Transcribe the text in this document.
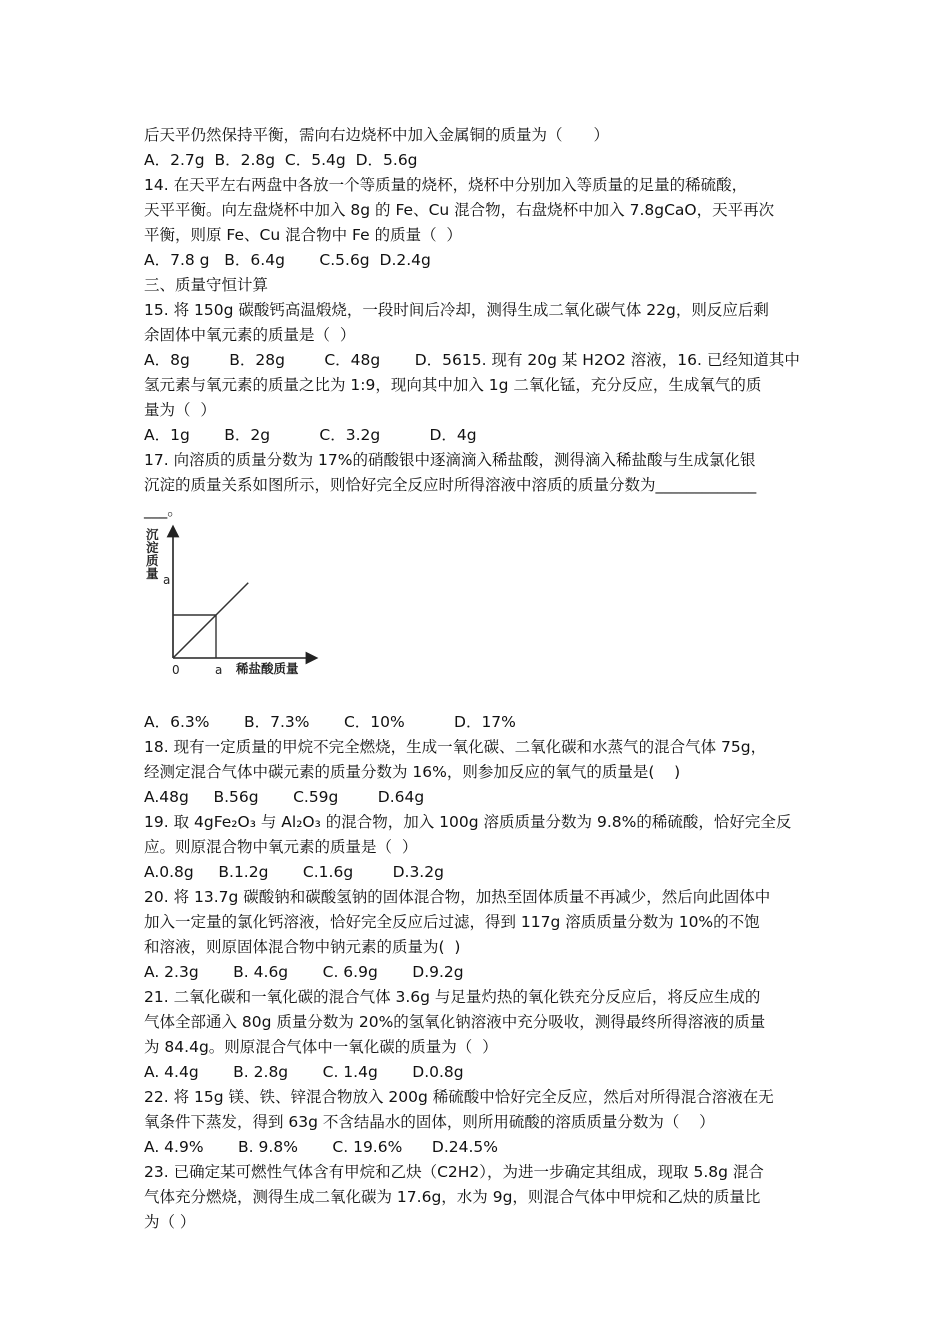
后天平仍然保持平衡，需向右边烧杯中加入金属铜的质量为（　　）
A．2.7g  B．2.8g  C．5.4g  D．5.6g
14. 在天平左右两盘中各放一个等质量的烧杯，烧杯中分别加入等质量的足量的稀硫酸，
天平平衡。向左盘烧杯中加入 8g 的 Fe、Cu 混合物，右盘烧杯中加入 7.8gCaO，天平再次
平衡，则原 Fe、Cu 混合物中 Fe 的质量（  ）
A．7.8 g   B．6.4g       C.5.6g  D.2.4g
三、质量守恒计算
15. 将 150g 碳酸钙高温煅烧，一段时间后冷却，测得生成二氧化碳气体 22g，则反应后剩
余固体中氧元素的质量是（  ）
A．8g        B．28g        C．48g       D．5615. 现有 20g 某 H2O2 溶液，16. 已经知道其中
氢元素与氧元素的质量之比为 1:9，现向其中加入 1g 二氧化锰，充分反应，生成氧气的质
量为（  ）
A．1g       B．2g          C．3.2g          D．4g
17. 向溶质的质量分数为 17%的硝酸银中逐滴滴入稀盐酸，测得滴入稀盐酸与生成氯化银
沉淀的质量关系如图所示，则恰好完全反应时所得溶液中溶质的质量分数为_____________
___。
沉
淀
质
量
稀盐酸质量
0	a
a
A．6.3%       B．7.3%       C．10%          D．17%
18. 现有一定质量的甲烷不完全燃烧，生成一氧化碳、二氧化碳和水蒸气的混合气体 75g，
经测定混合气体中碳元素的质量分数为 16%，则参加反应的氧气的质量是(    )
A.48g     B.56g       C.59g        D.64g
19. 取 4gFe₂O₃ 与 Al₂O₃ 的混合物，加入 100g 溶质质量分数为 9.8%的稀硫酸，恰好完全反
应。则原混合物中氧元素的质量是（  ）
A.0.8g     B.1.2g       C.1.6g        D.3.2g
20. 将 13.7g 碳酸钠和碳酸氢钠的固体混合物，加热至固体质量不再减少，然后向此固体中
加入一定量的氯化钙溶液，恰好完全反应后过滤，得到 117g 溶质质量分数为 10%的不饱
和溶液，则原固体混合物中钠元素的质量为(  )
A. 2.3g       B. 4.6g       C. 6.9g       D.9.2g
21. 二氧化碳和一氧化碳的混合气体 3.6g 与足量灼热的氧化铁充分反应后，将反应生成的
气体全部通入 80g 质量分数为 20%的氢氧化钠溶液中充分吸收，测得最终所得溶液的质量
为 84.4g。则原混合气体中一氧化碳的质量为（  ）
A. 4.4g       B. 2.8g       C. 1.4g       D.0.8g
22. 将 15g 镁、铁、锌混合物放入 200g 稀硫酸中恰好完全反应，然后对所得混合溶液在无
氧条件下蒸发，得到 63g 不含结晶水的固体，则所用硫酸的溶质质量分数为（    ）
A. 4.9%       B. 9.8%       C. 19.6%      D.24.5%
23. 已确定某可燃性气体含有甲烷和乙炔（C2H2），为进一步确定其组成，现取 5.8g 混合
气体充分燃烧，测得生成二氧化碳为 17.6g，水为 9g，则混合气体中甲烷和乙炔的质量比
为（ ）
